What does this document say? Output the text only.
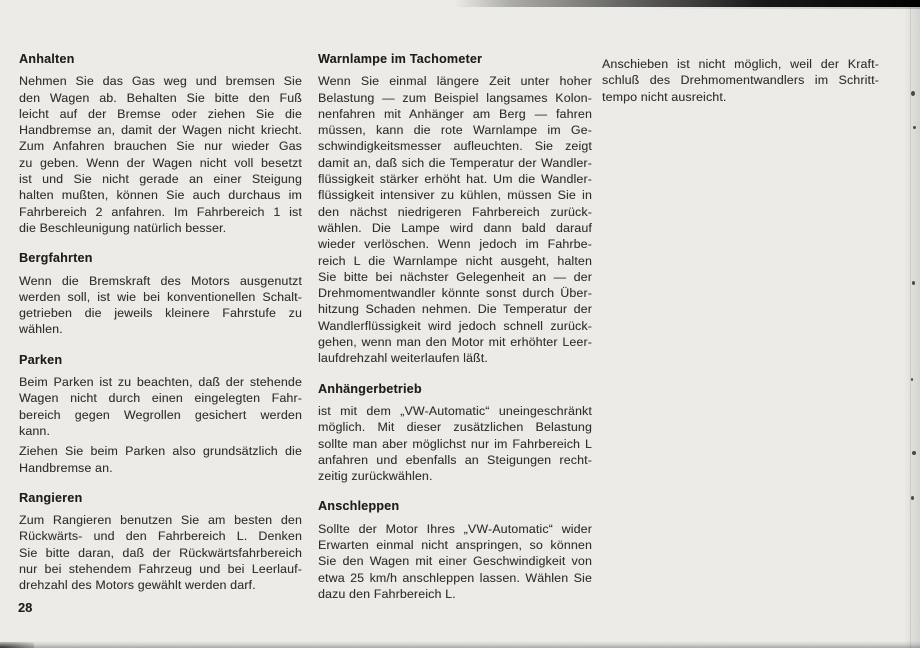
Anhalten
Nehmen Sie das Gas weg und bremsen Sie
den Wagen ab. Behalten Sie bitte den Fuß
leicht auf der Bremse oder ziehen Sie die
Handbremse an, damit der Wagen nicht kriecht.
Zum Anfahren brauchen Sie nur wieder Gas
zu geben. Wenn der Wagen nicht voll besetzt
ist und Sie nicht gerade an einer Steigung
halten mußten, können Sie auch durchaus im
Fahrbereich 2 anfahren. Im Fahrbereich 1 ist
die Beschleunigung natürlich besser.
Bergfahrten
Wenn die Bremskraft des Motors ausgenutzt
werden soll, ist wie bei konventionellen Schalt-
getrieben die jeweils kleinere Fahrstufe zu
wählen.
Parken
Beim Parken ist zu beachten, daß der stehende
Wagen nicht durch einen eingelegten Fahr-
bereich gegen Wegrollen gesichert werden
kann.
Ziehen Sie beim Parken also grundsätzlich die
Handbremse an.
Rangieren
Zum Rangieren benutzen Sie am besten den
Rückwärts- und den Fahrbereich L. Denken
Sie bitte daran, daß der Rückwärtsfahrbereich
nur bei stehendem Fahrzeug und bei Leerlauf-
drehzahl des Motors gewählt werden darf.
Warnlampe im Tachometer
Wenn Sie einmal längere Zeit unter hoher
Belastung — zum Beispiel langsames Kolon-
nenfahren mit Anhänger am Berg — fahren
müssen, kann die rote Warnlampe im Ge-
schwindigkeitsmesser aufleuchten. Sie zeigt
damit an, daß sich die Temperatur der Wandler-
flüssigkeit stärker erhöht hat. Um die Wandler-
flüssigkeit intensiver zu kühlen, müssen Sie in
den nächst niedrigeren Fahrbereich zurück-
wählen. Die Lampe wird dann bald darauf
wieder verlöschen. Wenn jedoch im Fahrbe-
reich L die Warnlampe nicht ausgeht, halten
Sie bitte bei nächster Gelegenheit an — der
Drehmomentwandler könnte sonst durch Über-
hitzung Schaden nehmen. Die Temperatur der
Wandlerflüssigkeit wird jedoch schnell zurück-
gehen, wenn man den Motor mit erhöhter Leer-
laufdrehzahl weiterlaufen läßt.
Anhängerbetrieb
ist mit dem „VW-Automatic“ uneingeschränkt
möglich. Mit dieser zusätzlichen Belastung
sollte man aber möglichst nur im Fahrbereich L
anfahren und ebenfalls an Steigungen recht-
zeitig zurückwählen.
Anschleppen
Sollte der Motor Ihres „VW-Automatic“ wider
Erwarten einmal nicht anspringen, so können
Sie den Wagen mit einer Geschwindigkeit von
etwa 25 km/h anschleppen lassen. Wählen Sie
dazu den Fahrbereich L.
Anschieben ist nicht möglich, weil der Kraft-
schluß des Drehmomentwandlers im Schritt-
tempo nicht ausreicht.
28
